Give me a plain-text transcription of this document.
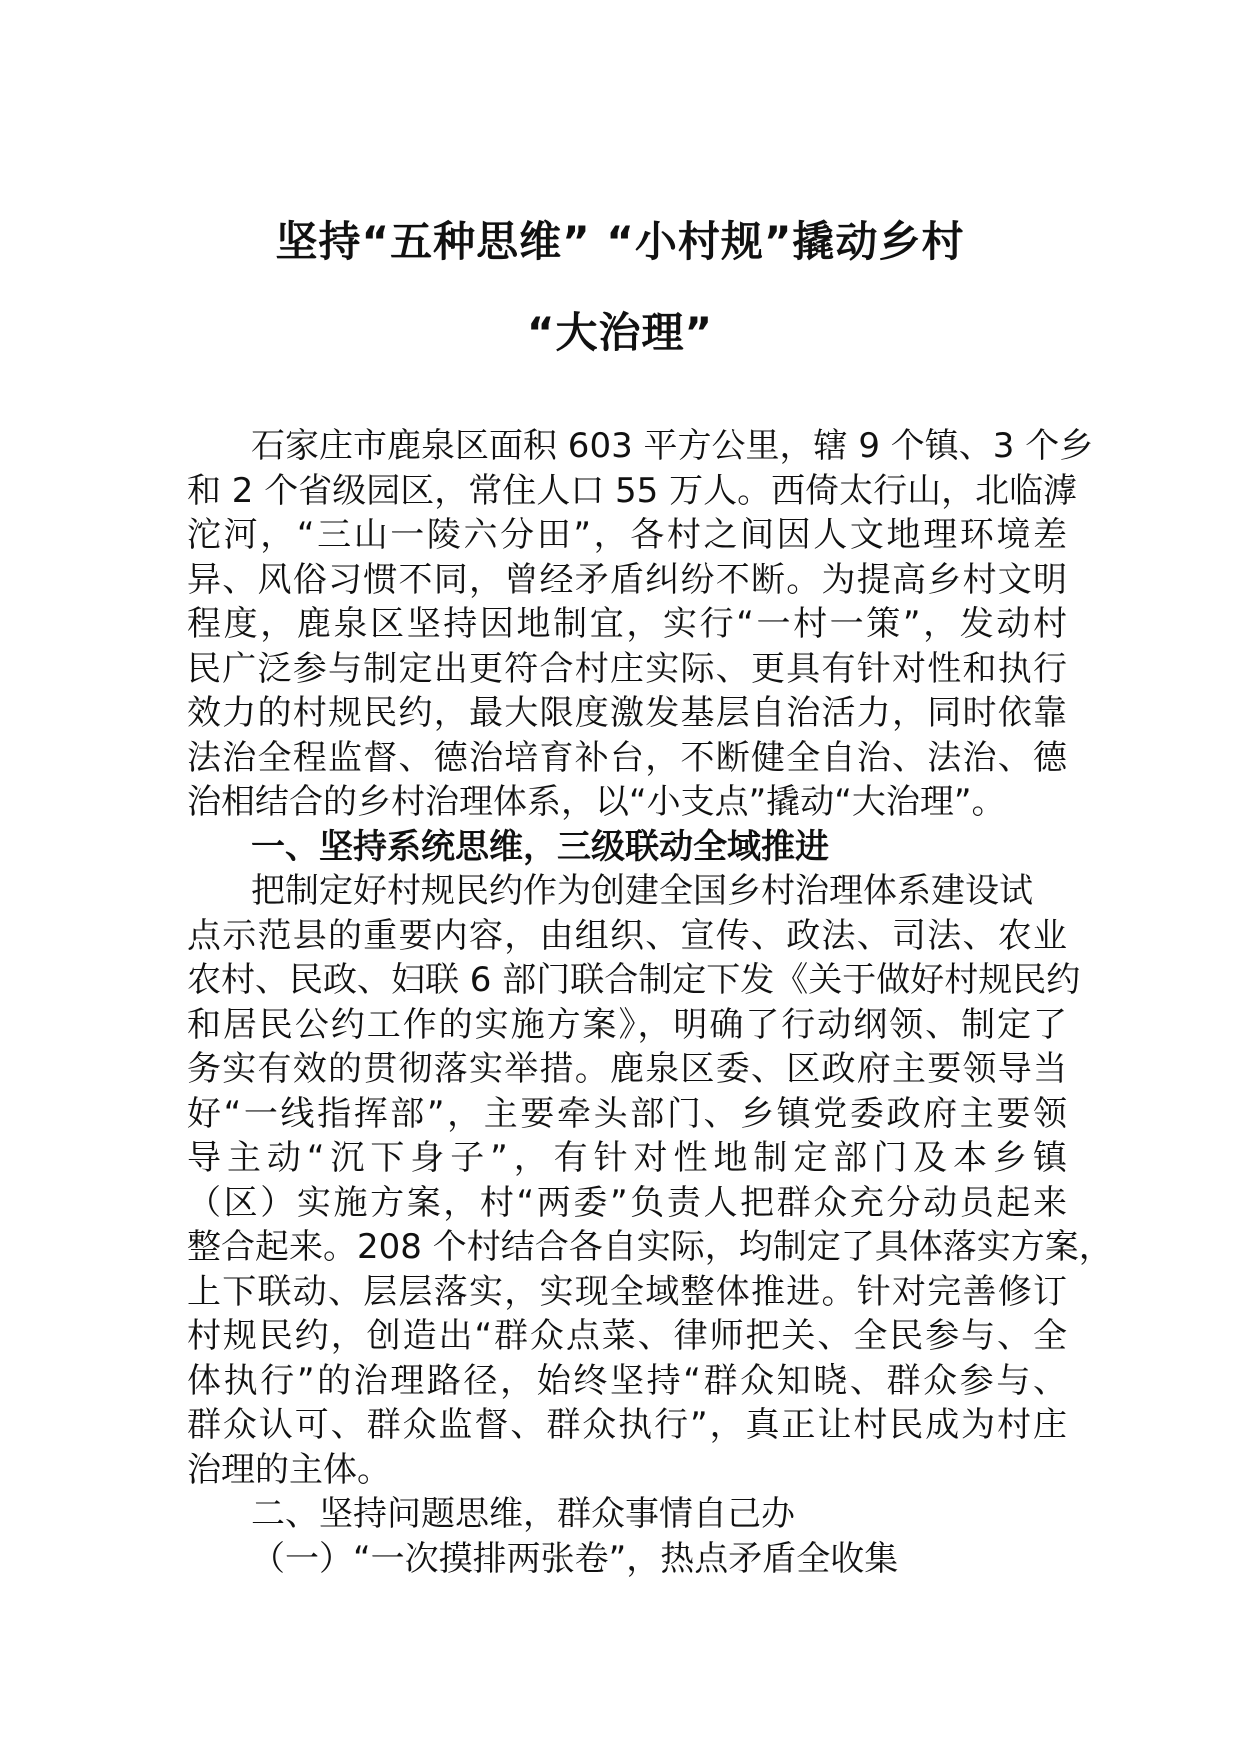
坚持“五种思维” “小村规”撬动乡村
“大治理”
石家庄市鹿泉区面积 603 平方公里，辖 9 个镇、3 个乡
和 2 个省级园区，常住人口 55 万人。西倚太行山，北临滹
沱河，“三山一陵六分田”，各村之间因人文地理环境差
异、风俗习惯不同，曾经矛盾纠纷不断。为提高乡村文明
程度，鹿泉区坚持因地制宜，实行“一村一策”，发动村
民广泛参与制定出更符合村庄实际、更具有针对性和执行
效力的村规民约，最大限度激发基层自治活力，同时依靠
法治全程监督、德治培育补台，不断健全自治、法治、德
治相结合的乡村治理体系，以“小支点”撬动“大治理”。
一、坚持系统思维，三级联动全域推进
把制定好村规民约作为创建全国乡村治理体系建设试
点示范县的重要内容，由组织、宣传、政法、司法、农业
农村、民政、妇联 6 部门联合制定下发《关于做好村规民约
和居民公约工作的实施方案》，明确了行动纲领、制定了
务实有效的贯彻落实举措。鹿泉区委、区政府主要领导当
好“一线指挥部”，主要牵头部门、乡镇党委政府主要领
导主动“沉下身子”，有针对性地制定部门及本乡镇
（区）实施方案，村“两委”负责人把群众充分动员起来
整合起来。208 个村结合各自实际，均制定了具体落实方案，
上下联动、层层落实，实现全域整体推进。针对完善修订
村规民约，创造出“群众点菜、律师把关、全民参与、全
体执行”的治理路径，始终坚持“群众知晓、群众参与、
群众认可、群众监督、群众执行”，真正让村民成为村庄
治理的主体。
二、坚持问题思维，群众事情自己办
（一）“一次摸排两张卷”，热点矛盾全收集
